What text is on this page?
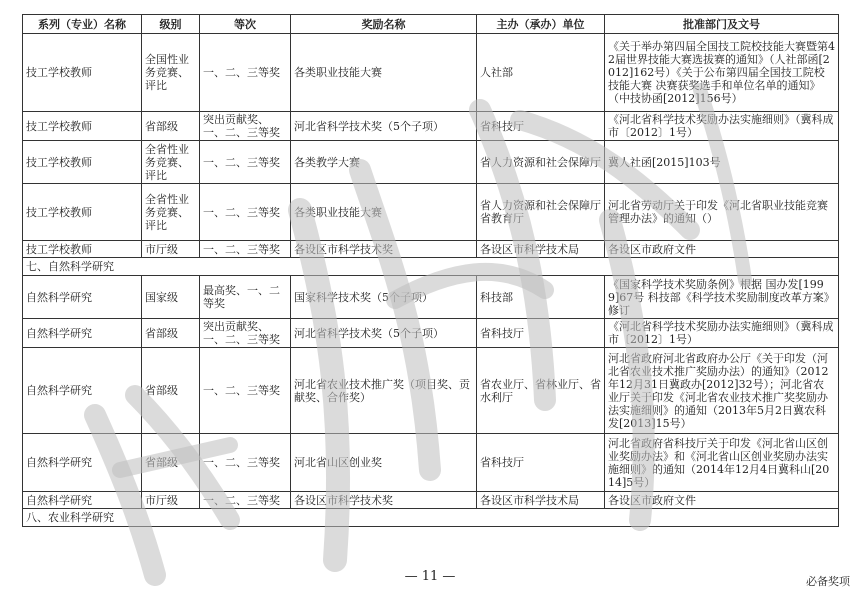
系列（专业）名称	级别	等次	奖励名称	主办（承办）单位	批准部门及文号
技工学校教师	全国性业务竞赛、评比	一、二、三等奖	各类职业技能大赛	人社部	《关于举办第四届全国技工院校技能大赛暨第42届世界技能大赛选拔赛的通知》（人社部函[2012]162号）《关于公布第四届全国技工院校技能大赛 决赛获奖选手和单位名单的通知》（中技协函[2012]156号）
技工学校教师	省部级	突出贡献奖、一、二、三等奖	河北省科学技术奖（5个子项）	省科技厅	《河北省科学技术奖励办法实施细则》（冀科成市〔2012〕1号）
技工学校教师	全省性业务竞赛、评比	一、二、三等奖	各类教学大赛	省人力资源和社会保障厅	冀人社函[2015]103号
技工学校教师	全省性业务竞赛、评比	一、二、三等奖	各类职业技能大赛	省人力资源和社会保障厅 省教育厅	河北省劳动厅关于印发《河北省职业技能竞赛管理办法》的通知（）
技工学校教师	市厅级	一、二、三等奖	各设区市科学技术奖	各设区市科学技术局	各设区市政府文件
七、自然科学研究					
自然科学研究	国家级	最高奖、一、二等奖	国家科学技术奖（5个子项）	科技部	《国家科学技术奖励条例》根据 国办发[1999]67号 科技部《科学技术奖励制度改革方案》修订
自然科学研究	省部级	突出贡献奖、一、二、三等奖	河北省科学技术奖（5个子项）	省科技厅	《河北省科学技术奖励办法实施细则》（冀科成市〔2012〕1号）
自然科学研究	省部级	一、二、三等奖	河北省农业技术推广奖（项目奖、贡献奖、合作奖）	省农业厅、省林业厅、省水利厅	河北省政府河北省政府办公厅《关于印发（河北省农业技术推广奖励办法）的通知》（2012年12月31日冀政办[2012]32号）；河北省农业厅关于印发《河北省农业技术推广奖奖励办法实施细则》的通知（2013年5月2日冀农科发[2013]15号）
自然科学研究	省部级	一、二、三等奖	河北省山区创业奖	省科技厅	河北省政府省科技厅关于印发《河北省山区创业奖励办法》和《河北省山区创业奖励办法实施细则》的通知（2014年12月4日冀科山[2014]5号）
自然科学研究	市厅级	一、二、三等奖	各设区市科学技术奖	各设区市科学技术局	各设区市政府文件
八、农业科学研究					
— 11 —	必备奖项
